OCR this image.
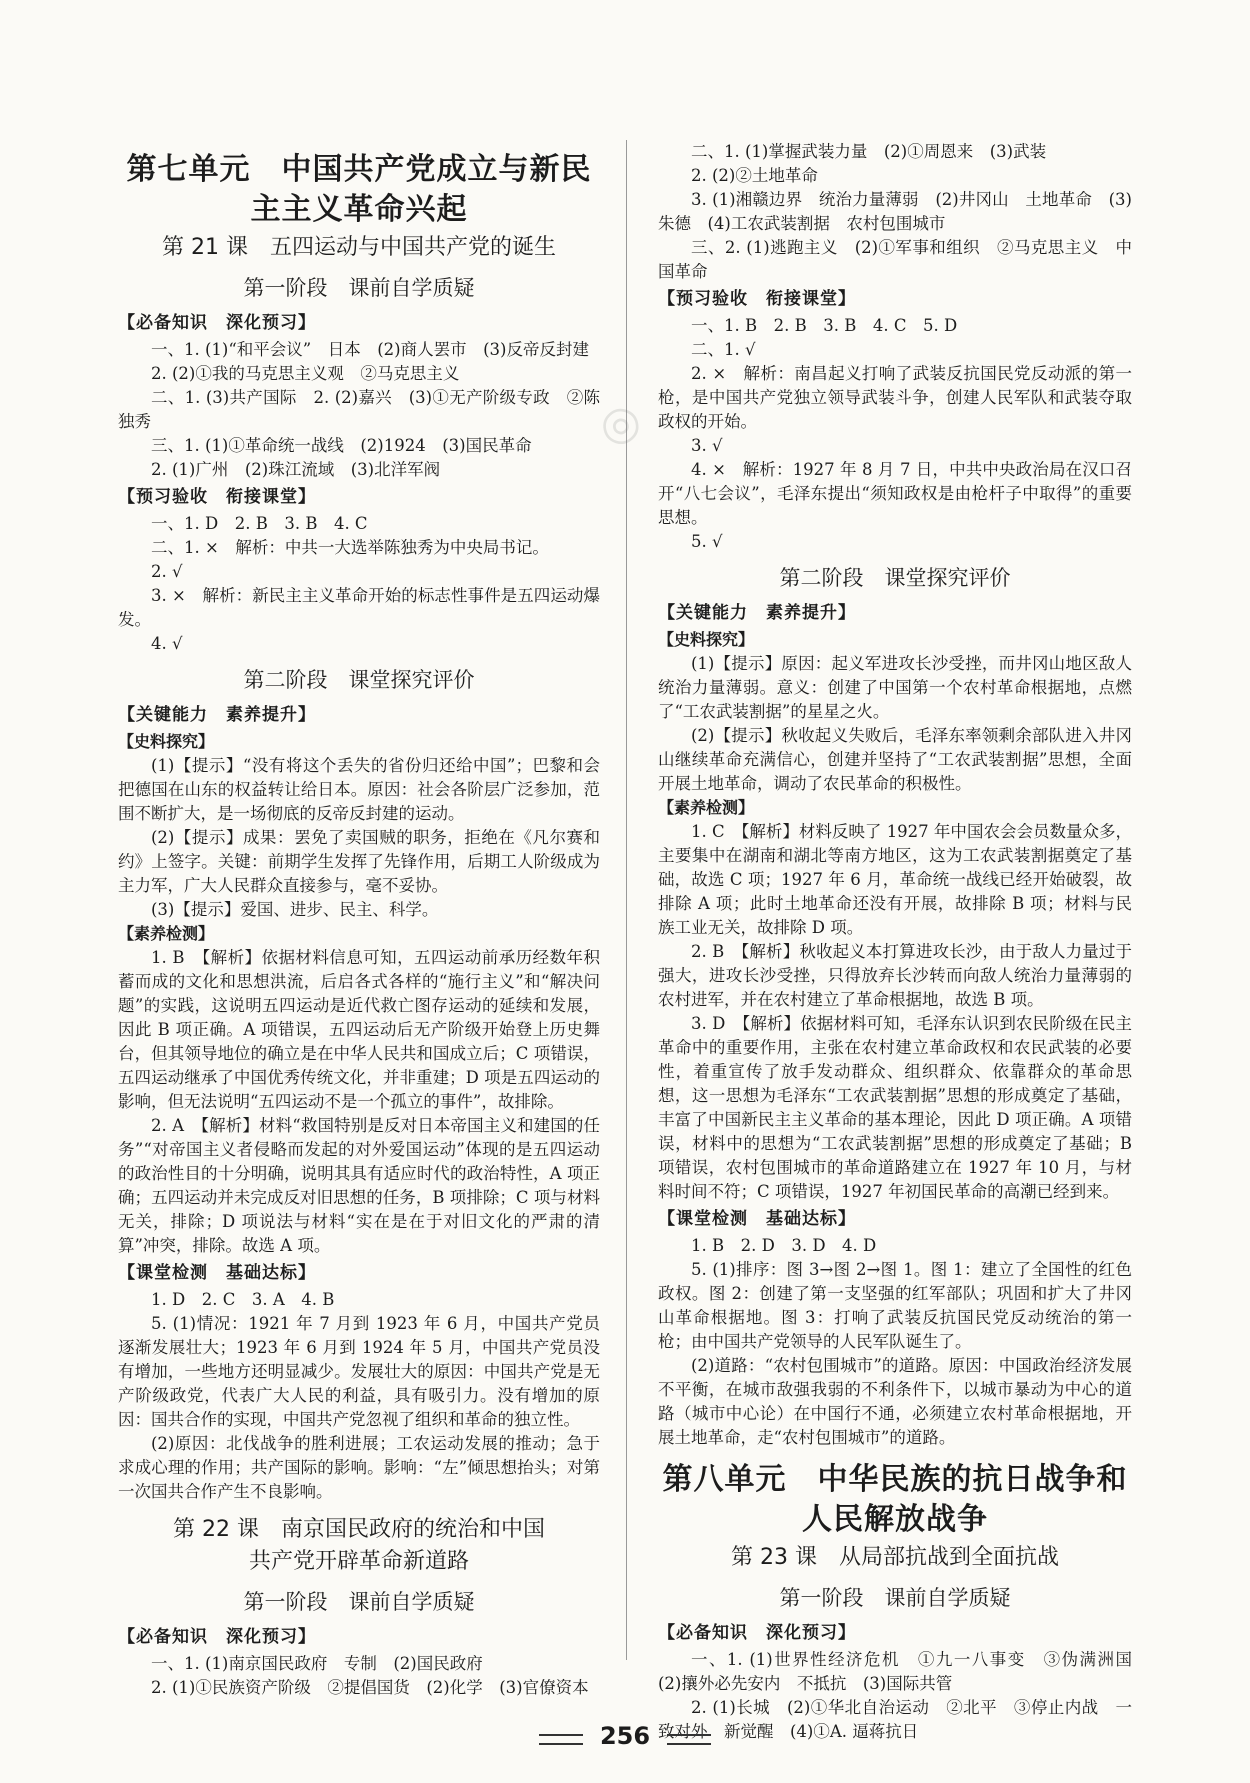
第七单元　中国共产党成立与新民
主主义革命兴起
第 21 课　五四运动与中国共产党的诞生
第一阶段　课前自学质疑
【必备知识　深化预习】

一、1. (1)“和平会议”　日本　(2)商人罢市　(3)反帝反封建

2. (2)①我的马克思主义观　②马克思主义

二、1. (3)共产国际　2. (2)嘉兴　(3)①无产阶级专政　②陈独秀

三、1. (1)①革命统一战线　(2)1924　(3)国民革命

2. (1)广州　(2)珠江流域　(3)北洋军阀

【预习验收　衔接课堂】

一、1. D　2. B　3. B　4. C

二、1. ×　解析：中共一大选举陈独秀为中央局书记。

2. √

3. ×　解析：新民主主义革命开始的标志性事件是五四运动爆发。

4. √

第二阶段　课堂探究评价
【关键能力　素养提升】
【史料探究】

(1)【提示】“没有将这个丢失的省份归还给中国”；巴黎和会把德国在山东的权益转让给日本。原因：社会各阶层广泛参加，范围不断扩大，是一场彻底的反帝反封建的运动。

(2)【提示】成果：罢免了卖国贼的职务，拒绝在《凡尔赛和约》上签字。关键：前期学生发挥了先锋作用，后期工人阶级成为主力军，广大人民群众直接参与，毫不妥协。

(3)【提示】爱国、进步、民主、科学。

【素养检测】

1. B　【解析】依据材料信息可知，五四运动前承历经数年积蓄而成的文化和思想洪流，后启各式各样的“施行主义”和“解决问题”的实践，这说明五四运动是近代救亡图存运动的延续和发展，因此 B 项正确。A 项错误，五四运动后无产阶级开始登上历史舞台，但其领导地位的确立是在中华人民共和国成立后；C 项错误，五四运动继承了中国优秀传统文化，并非重建；D 项是五四运动的影响，但无法说明“五四运动不是一个孤立的事件”，故排除。

2. A　【解析】材料“救国特别是反对日本帝国主义和建国的任务”“对帝国主义者侵略而发起的对外爱国运动”体现的是五四运动的政治性目的十分明确，说明其具有适应时代的政治特性，A 项正确；五四运动并未完成反对旧思想的任务，B 项排除；C 项与材料无关，排除；D 项说法与材料“实在是在于对旧文化的严肃的清算”冲突，排除。故选 A 项。

【课堂检测　基础达标】

1. D　2. C　3. A　4. B

5. (1)情况：1921 年 7 月到 1923 年 6 月，中国共产党员逐渐发展壮大；1923 年 6 月到 1924 年 5 月，中国共产党员没有增加，一些地方还明显减少。发展壮大的原因：中国共产党是无产阶级政党，代表广大人民的利益，具有吸引力。没有增加的原因：国共合作的实现，中国共产党忽视了组织和革命的独立性。

(2)原因：北伐战争的胜利进展；工农运动发展的推动；急于求成心理的作用；共产国际的影响。影响：“左”倾思想抬头；对第一次国共合作产生不良影响。

第 22 课　南京国民政府的统治和中国
共产党开辟革命新道路
第一阶段　课前自学质疑
【必备知识　深化预习】

一、1. (1)南京国民政府　专制　(2)国民政府

2. (1)①民族资产阶级　②提倡国货　(2)化学　(3)官僚资本

二、1. (1)掌握武装力量　(2)①周恩来　(3)武装

2. (2)②土地革命

3. (1)湘赣边界　统治力量薄弱　(2)井冈山　土地革命　(3)朱德　(4)工农武装割据　农村包围城市

三、2. (1)逃跑主义　(2)①军事和组织　②马克思主义　中国革命

【预习验收　衔接课堂】

一、1. B　2. B　3. B　4. C　5. D

二、1. √

2. ×　解析：南昌起义打响了武装反抗国民党反动派的第一枪，是中国共产党独立领导武装斗争，创建人民军队和武装夺取政权的开始。

3. √

4. ×　解析：1927 年 8 月 7 日，中共中央政治局在汉口召开“八七会议”，毛泽东提出“须知政权是由枪杆子中取得”的重要思想。

5. √

第二阶段　课堂探究评价
【关键能力　素养提升】
【史料探究】

(1)【提示】原因：起义军进攻长沙受挫，而井冈山地区敌人统治力量薄弱。意义：创建了中国第一个农村革命根据地，点燃了“工农武装割据”的星星之火。

(2)【提示】秋收起义失败后，毛泽东率领剩余部队进入井冈山继续革命充满信心，创建并坚持了“工农武装割据”思想，全面开展土地革命，调动了农民革命的积极性。

【素养检测】

1. C　【解析】材料反映了 1927 年中国农会会员数量众多，主要集中在湖南和湖北等南方地区，这为工农武装割据奠定了基础，故选 C 项；1927 年 6 月，革命统一战线已经开始破裂，故排除 A 项；此时土地革命还没有开展，故排除 B 项；材料与民族工业无关，故排除 D 项。

2. B　【解析】秋收起义本打算进攻长沙，由于敌人力量过于强大，进攻长沙受挫，只得放弃长沙转而向敌人统治力量薄弱的农村进军，并在农村建立了革命根据地，故选 B 项。

3. D　【解析】依据材料可知，毛泽东认识到农民阶级在民主革命中的重要作用，主张在农村建立革命政权和农民武装的必要性，着重宣传了放手发动群众、组织群众、依靠群众的革命思想，这一思想为毛泽东“工农武装割据”思想的形成奠定了基础，丰富了中国新民主主义革命的基本理论，因此 D 项正确。A 项错误，材料中的思想为“工农武装割据”思想的形成奠定了基础；B 项错误，农村包围城市的革命道路建立在 1927 年 10 月，与材料时间不符；C 项错误，1927 年初国民革命的高潮已经到来。

【课堂检测　基础达标】

1. B　2. D　3. D　4. D

5. (1)排序：图 3→图 2→图 1。图 1：建立了全国性的红色政权。图 2：创建了第一支坚强的红军部队；巩固和扩大了井冈山革命根据地。图 3：打响了武装反抗国民党反动统治的第一枪；由中国共产党领导的人民军队诞生了。

(2)道路：“农村包围城市”的道路。原因：中国政治经济发展不平衡，在城市敌强我弱的不利条件下，以城市暴动为中心的道路（城市中心论）在中国行不通，必须建立农村革命根据地，开展土地革命，走“农村包围城市”的道路。

第八单元　中华民族的抗日战争和
人民解放战争
第 23 课　从局部抗战到全面抗战
第一阶段　课前自学质疑
【必备知识　深化预习】

一、1. (1)世界性经济危机　①九一八事变　③伪满洲国　(2)攘外必先安内　不抵抗　(3)国际共管

2. (1)长城　(2)①华北自治运动　②北平　③停止内战　一致对外　新觉醒　(4)①A. 逼蒋抗日

◎
256
